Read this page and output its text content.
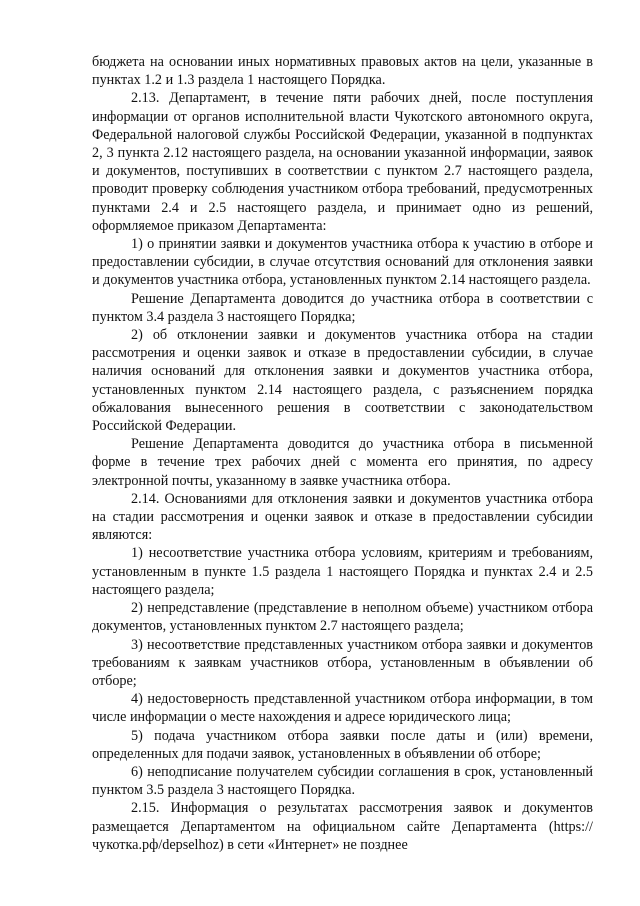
бюджета на основании иных нормативных правовых актов на цели, указанные в пунктах 1.2 и 1.3 раздела 1 настоящего Порядка.

2.13. Департамент, в течение пяти рабочих дней, после поступления информации от органов исполнительной власти Чукотского автономного округа, Федеральной налоговой службы Российской Федерации, указанной в подпунктах 2, 3 пункта 2.12 настоящего раздела, на основании указанной информации, заявок и документов, поступивших в соответствии с пунктом 2.7 настоящего раздела, проводит проверку соблюдения участником отбора требований, предусмотренных пунктами 2.4 и 2.5 настоящего раздела, и принимает одно из решений, оформляемое приказом Департамента:

1) о принятии заявки и документов участника отбора к участию в отборе и предоставлении субсидии, в случае отсутствия оснований для отклонения заявки и документов участника отбора, установленных пунктом 2.14 настоящего раздела.

Решение Департамента доводится до участника отбора в соответствии с пунктом 3.4 раздела 3 настоящего Порядка;

2) об отклонении заявки и документов участника отбора на стадии рассмотрения и оценки заявок и отказе в предоставлении субсидии, в случае наличия оснований для отклонения заявки и документов участника отбора, установленных пунктом 2.14 настоящего раздела, с разъяснением порядка обжалования вынесенного решения в соответствии с законодательством Российской Федерации.

Решение Департамента доводится до участника отбора в письменной форме в течение трех рабочих дней с момента его принятия, по адресу электронной почты, указанному в заявке участника отбора.

2.14. Основаниями для отклонения заявки и документов участника отбора на стадии рассмотрения и оценки заявок и отказе в предоставлении субсидии являются:

1) несоответствие участника отбора условиям, критериям и требованиям, установленным в пункте 1.5 раздела 1 настоящего Порядка и пунктах 2.4 и 2.5 настоящего раздела;

2) непредставление (представление в неполном объеме) участником отбора документов, установленных пунктом 2.7 настоящего раздела;

3) несоответствие представленных участником отбора заявки и документов требованиям к заявкам участников отбора, установленным в объявлении об отборе;

4) недостоверность представленной участником отбора информации, в том числе информации о месте нахождения и адресе юридического лица;

5) подача участником отбора заявки после даты и (или) времени, определенных для подачи заявок, установленных в объявлении об отборе;

6) неподписание получателем субсидии соглашения в срок, установленный пунктом 3.5 раздела 3 настоящего Порядка.

2.15. Информация о результатах рассмотрения заявок и документов размещается Департаментом на официальном сайте Департамента (https://чукотка.рф/depselhoz) в сети «Интернет» не позднее
